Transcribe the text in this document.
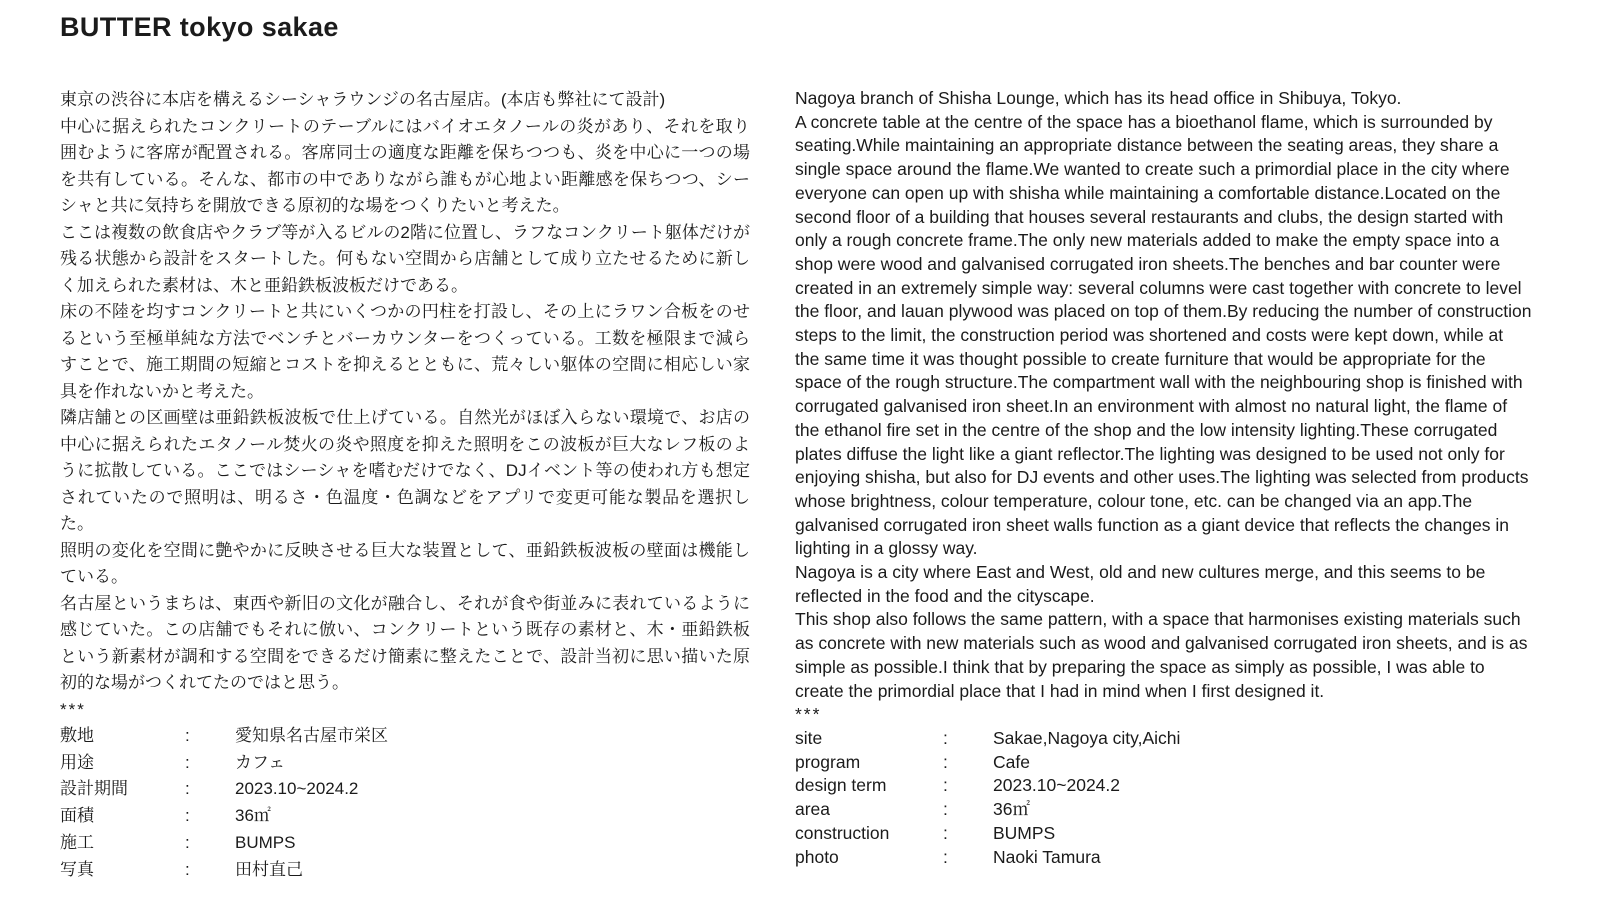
BUTTER tokyo sakae

東京の渋谷に本店を構えるシーシャラウンジの名古屋店。(本店も弊社にて設計)

中心に据えられたコンクリートのテーブルにはバイオエタノールの炎があり、それを取り囲むように客席が配置される。客席同士の適度な距離を保ちつつも、炎を中心に一つの場を共有している。そんな、都市の中でありながら誰もが心地よい距離感を保ちつつ、シーシャと共に気持ちを開放できる原初的な場をつくりたいと考えた。

ここは複数の飲食店やクラブ等が入るビルの2階に位置し、ラフなコンクリート躯体だけが残る状態から設計をスタートした。何もない空間から店舗として成り立たせるために新しく加えられた素材は、木と亜鉛鉄板波板だけである。

床の不陸を均すコンクリートと共にいくつかの円柱を打設し、その上にラワン合板をのせるという至極単純な方法でベンチとバーカウンターをつくっている。工数を極限まで減らすことで、施工期間の短縮とコストを抑えるとともに、荒々しい躯体の空間に相応しい家具を作れないかと考えた。

隣店舗との区画壁は亜鉛鉄板波板で仕上げている。自然光がほぼ入らない環境で、お店の中心に据えられたエタノール焚火の炎や照度を抑えた照明をこの波板が巨大なレフ板のように拡散している。ここではシーシャを嗜むだけでなく、DJイベント等の使われ方も想定されていたので照明は、明るさ・色温度・色調などをアプリで変更可能な製品を選択した。

照明の変化を空間に艶やかに反映させる巨大な装置として、亜鉛鉄板波板の壁面は機能している。

名古屋というまちは、東西や新旧の文化が融合し、それが食や街並みに表れているように感じていた。この店舗でもそれに倣い、コンクリートという既存の素材と、木・亜鉛鉄板という新素材が調和する空間をできるだけ簡素に整えたことで、設計当初に思い描いた原初的な場がつくれてたのではと思う。

***

敷地	:	愛知県名古屋市栄区
用途	:	カフェ
設計期間	:	2023.10~2024.2
面積	:	36㎡
施工	:	BUMPS
写真	:	田村直己

Nagoya branch of Shisha Lounge, which has its head office in Shibuya, Tokyo.

A concrete table at the centre of the space has a bioethanol flame, which is surrounded by seating.While maintaining an appropriate distance between the seating areas, they share a single space around the flame.We wanted to create such a primordial place in the city where everyone can open up with shisha while maintaining a comfortable distance.Located on the second floor of a building that houses several restaurants and clubs, the design started with only a rough concrete frame.The only new materials added to make the empty space into a shop were wood and galvanised corrugated iron sheets.The benches and bar counter were created in an extremely simple way: several columns were cast together with concrete to level the floor, and lauan plywood was placed on top of them.By reducing the number of construction steps to the limit, the construction period was shortened and costs were kept down, while at the same time it was thought possible to create furniture that would be appropriate for the space of the rough structure.The compartment wall with the neighbouring shop is finished with corrugated galvanised iron sheet.In an environment with almost no natural light, the flame of the ethanol fire set in the centre of the shop and the low intensity lighting.These corrugated plates diffuse the light like a giant reflector.The lighting was designed to be used not only for enjoying shisha, but also for DJ events and other uses.The lighting was selected from products whose brightness, colour temperature, colour tone, etc. can be changed via an app.The galvanised corrugated iron sheet walls function as a giant device that reflects the changes in lighting in a glossy way.

Nagoya is a city where East and West, old and new cultures merge, and this seems to be reflected in the food and the cityscape.

This shop also follows the same pattern, with a space that harmonises existing materials such as concrete with new materials such as wood and galvanised corrugated iron sheets, and is as simple as possible.I think that by preparing the space as simply as possible, I was able to create the primordial place that I had in mind when I first designed it.

***

site	:	Sakae,Nagoya city,Aichi
program	:	Cafe
design term	:	2023.10~2024.2
area	:	36㎡
construction	:	BUMPS
photo	:	Naoki Tamura
